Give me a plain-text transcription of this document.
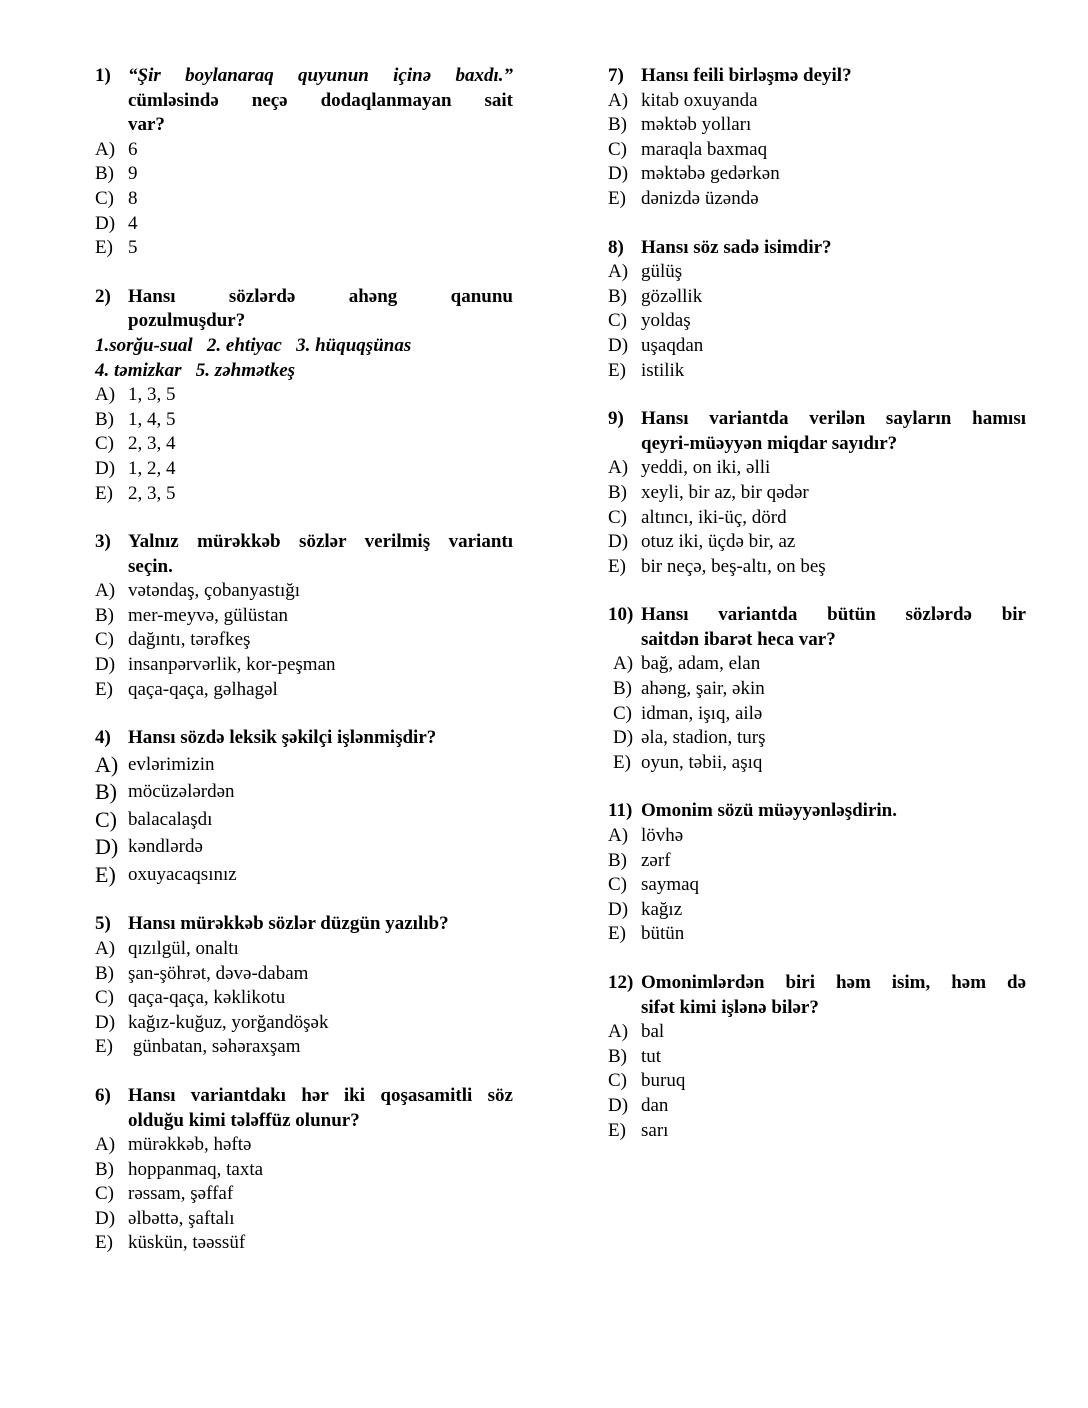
1) “Şir boylanaraq quyunun içinə baxdı.”
cümləsində neçə dodaqlanmayan sait
var?
A) 6
B) 9
C) 8
D) 4
E) 5
2) Hansı sözlərdə ahəng qanunu
pozulmuşdur?
1.sorğu-sual   2. ehtiyac   3. hüquqşünas
4. təmizkar   5. zəhmətkeş
A) 1, 3, 5
B) 1, 4, 5
C) 2, 3, 4
D) 1, 2, 4
E) 2, 3, 5
3) Yalnız mürəkkəb sözlər verilmiş variantı
seçin.
A) vətəndaş, çobanyastığı
B) mer-meyvə, gülüstan
C) dağıntı, tərəfkeş
D) insanpərvərlik, kor-peşman
E) qaça-qaça, gəlhagəl
4) Hansı sözdə leksik şəkilçi işlənmişdir?
A) evlərimizin
B) möcüzələrdən
C) balacalaşdı
D) kəndlərdə
E) oxuyacaqsınız
5) Hansı mürəkkəb sözlər düzgün yazılıb?
A) qızılgül, onaltı
B) şan-şöhrət, dəvə-dabam
C) qaça-qaça, kəklikotu
D) kağız-kuğuz, yorğandöşək
E) günbatan, səhəraxşam
6) Hansı variantdakı hər iki qoşasamitli söz
olduğu kimi tələffüz olunur?
A) mürəkkəb, həftə
B) hoppanmaq, taxta
C) rəssam, şəffaf
D) əlbəttə, şaftalı
E) küskün, təəssüf
7) Hansı feili birləşmə deyil?
A) kitab oxuyanda
B) məktəb yolları
C) maraqla baxmaq
D) məktəbə gedərkən
E) dənizdə üzəndə
8) Hansı söz sadə isimdir?
A) gülüş
B) gözəllik
C) yoldaş
D) uşaqdan
E) istilik
9) Hansı variantda verilən sayların hamısı
qeyri-müəyyən miqdar sayıdır?
A) yeddi, on iki, əlli
B) xeyli, bir az, bir qədər
C) altıncı, iki-üç, dörd
D) otuz iki, üçdə bir, az
E) bir neçə, beş-altı, on beş
10) Hansı variantda bütün sözlərdə bir
saitdən ibarət heca var?
A) bağ, adam, elan
B) ahəng, şair, əkin
C) idman, işıq, ailə
D) əla, stadion, turş
E) oyun, təbii, aşıq
11) Omonim sözü müəyyənləşdirin.
A) lövhə
B) zərf
C) saymaq
D) kağız
E) bütün
12) Omonimlərdən biri həm isim, həm də
sifət kimi işlənə bilər?
A) bal
B) tut
C) buruq
D) dan
E) sarı
